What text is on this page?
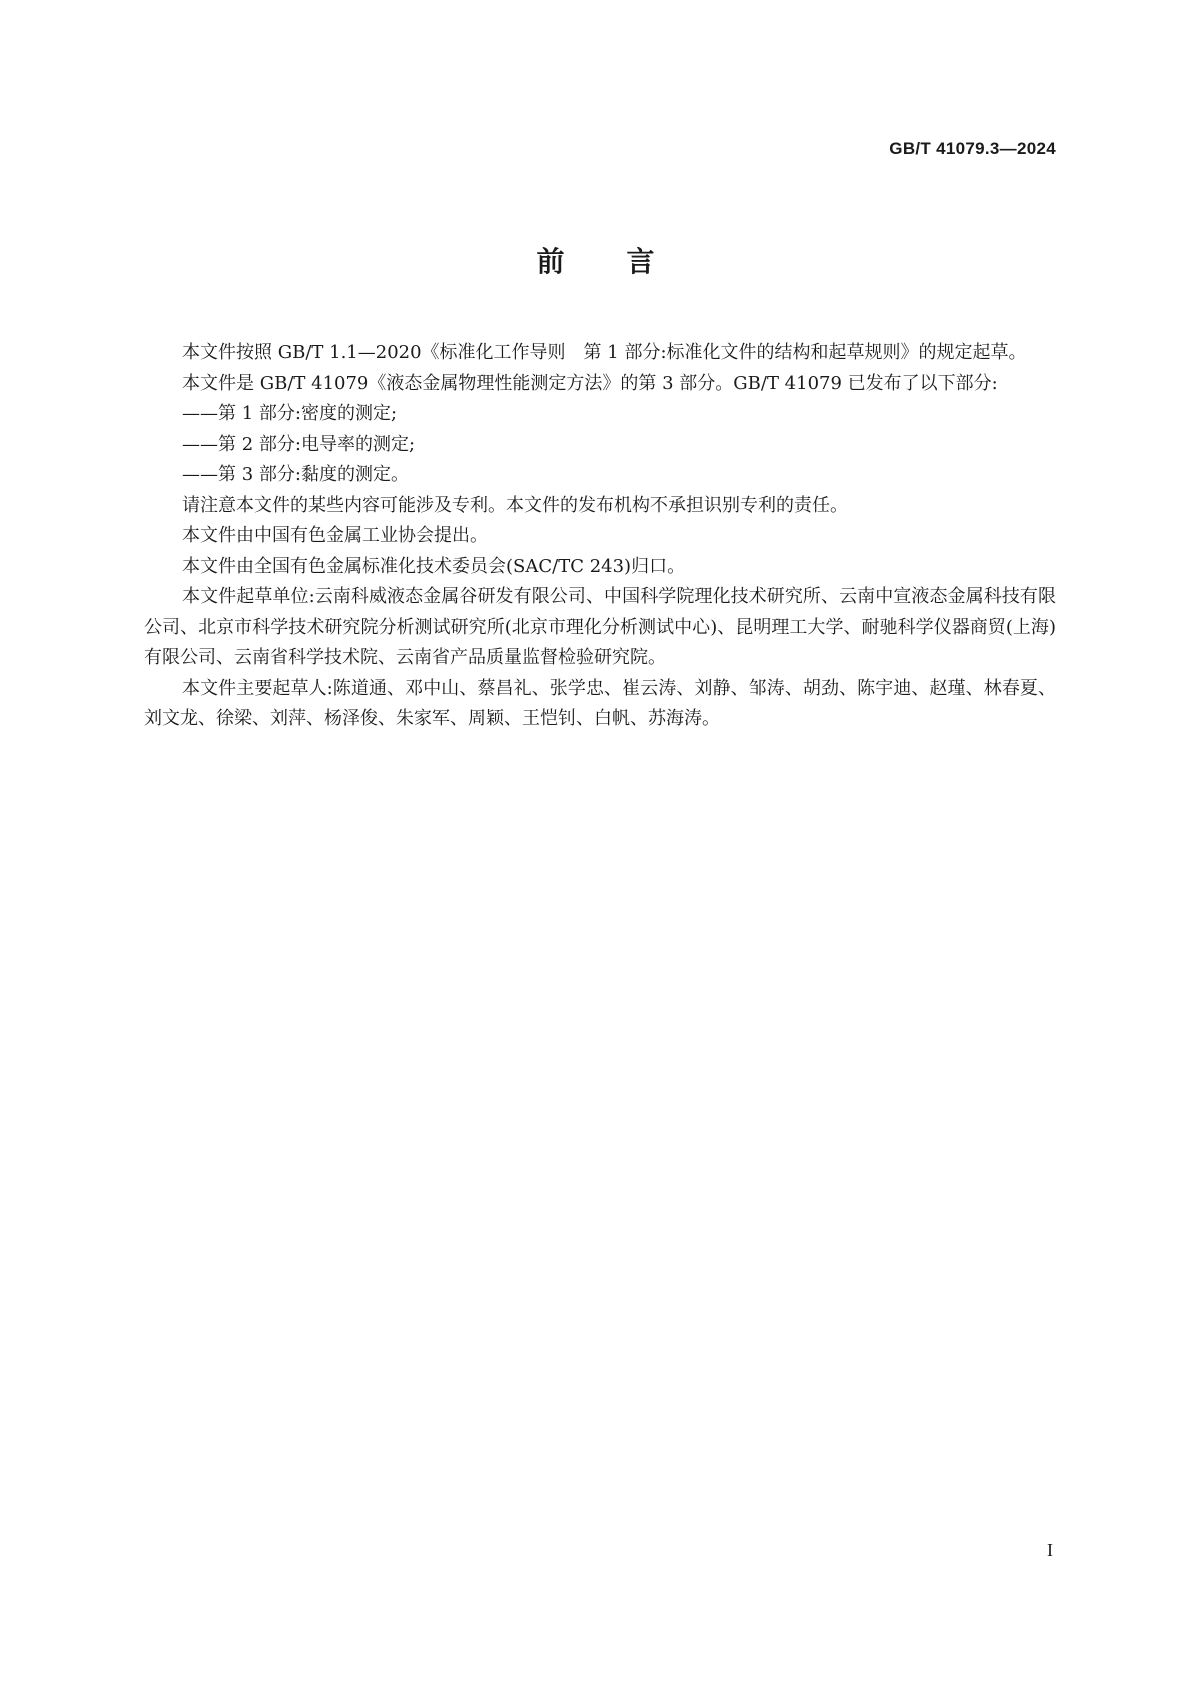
GB/T 41079.3—2024
前言

本文件按照 GB/T 1.1—2020《标准化工作导则　第 1 部分:标准化文件的结构和起草规则》的规定起草。

本文件是 GB/T 41079《液态金属物理性能测定方法》的第 3 部分。GB/T 41079 已发布了以下部分:

——第 1 部分:密度的测定;

——第 2 部分:电导率的测定;

——第 3 部分:黏度的测定。

请注意本文件的某些内容可能涉及专利。本文件的发布机构不承担识别专利的责任。

本文件由中国有色金属工业协会提出。

本文件由全国有色金属标准化技术委员会(SAC/TC 243)归口。

本文件起草单位:云南科威液态金属谷研发有限公司、中国科学院理化技术研究所、云南中宣液态金属科技有限公司、北京市科学技术研究院分析测试研究所(北京市理化分析测试中心)、昆明理工大学、耐驰科学仪器商贸(上海)有限公司、云南省科学技术院、云南省产品质量监督检验研究院。

本文件主要起草人:陈道通、邓中山、蔡昌礼、张学忠、崔云涛、刘静、邹涛、胡劲、陈宇迪、赵瑾、林春夏、刘文龙、徐梁、刘萍、杨泽俊、朱家军、周颖、王恺钊、白帆、苏海涛。

I
